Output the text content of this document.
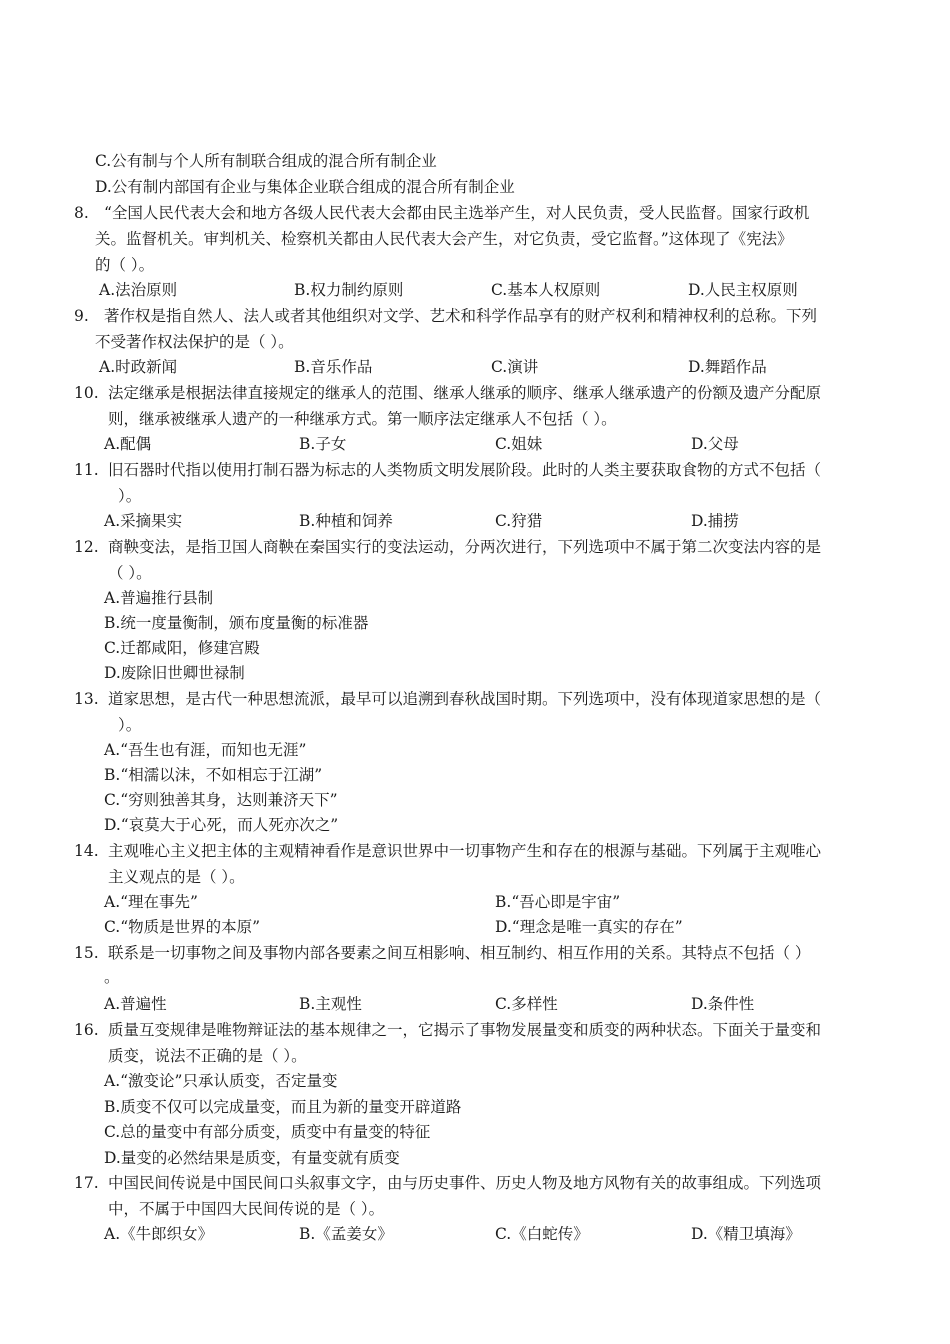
C.公有制与个人所有制联合组成的混合所有制企业
D.公有制内部国有企业与集体企业联合组成的混合所有制企业
8. “全国人民代表大会和地方各级人民代表大会都由民主选举产生，对人民负责，受人民监督。国家行政机
关。监督机关。审判机关、检察机关都由人民代表大会产生，对它负责，受它监督。”这体现了《宪法》
的（ ）。
A.法治原则	B.权力制约原则	C.基本人权原则	D.人民主权原则
9. 著作权是指自然人、法人或者其他组织对文学、艺术和科学作品享有的财产权利和精神权利的总称。下列
不受著作权法保护的是（ ）。
A.时政新闻	B.音乐作品	C.演讲	D.舞蹈作品
10. 法定继承是根据法律直接规定的继承人的范围、继承人继承的顺序、继承人继承遗产的份额及遗产分配原
则，继承被继承人遗产的一种继承方式。第一顺序法定继承人不包括（ ）。
A.配偶	B.子女	C.姐妹	D.父母
11. 旧石器时代指以使用打制石器为标志的人类物质文明发展阶段。此时的人类主要获取食物的方式不包括（
）。
A.采摘果实	B.种植和饲养	C.狩猎	D.捕捞
12. 商鞅变法，是指卫国人商鞅在秦国实行的变法运动，分两次进行，下列选项中不属于第二次变法内容的是
（ ）。
A.普遍推行县制
B.统一度量衡制，颁布度量衡的标准器
C.迁都咸阳，修建宫殿
D.废除旧世卿世禄制
13. 道家思想，是古代一种思想流派，最早可以追溯到春秋战国时期。下列选项中，没有体现道家思想的是（
）。
A.“吾生也有涯，而知也无涯”
B.“相濡以沫，不如相忘于江湖”
C.“穷则独善其身，达则兼济天下”
D.“哀莫大于心死，而人死亦次之”
14. 主观唯心主义把主体的主观精神看作是意识世界中一切事物产生和存在的根源与基础。下列属于主观唯心
主义观点的是（ ）。
A.“理在事先”	B.“吾心即是宇宙”
C.“物质是世界的本原”	D.“理念是唯一真实的存在”
15. 联系是一切事物之间及事物内部各要素之间互相影响、相互制约、相互作用的关系。其特点不包括（ ）
。
A.普遍性	B.主观性	C.多样性	D.条件性
16. 质量互变规律是唯物辩证法的基本规律之一，它揭示了事物发展量变和质变的两种状态。下面关于量变和
质变，说法不正确的是（ ）。
A.“激变论”只承认质变，否定量变
B.质变不仅可以完成量变，而且为新的量变开辟道路
C.总的量变中有部分质变，质变中有量变的特征
D.量变的必然结果是质变，有量变就有质变
17. 中国民间传说是中国民间口头叙事文字，由与历史事件、历史人物及地方风物有关的故事组成。下列选项
中，不属于中国四大民间传说的是（ ）。
A.《牛郎织女》	B.《孟姜女》	C.《白蛇传》	D.《精卫填海》
